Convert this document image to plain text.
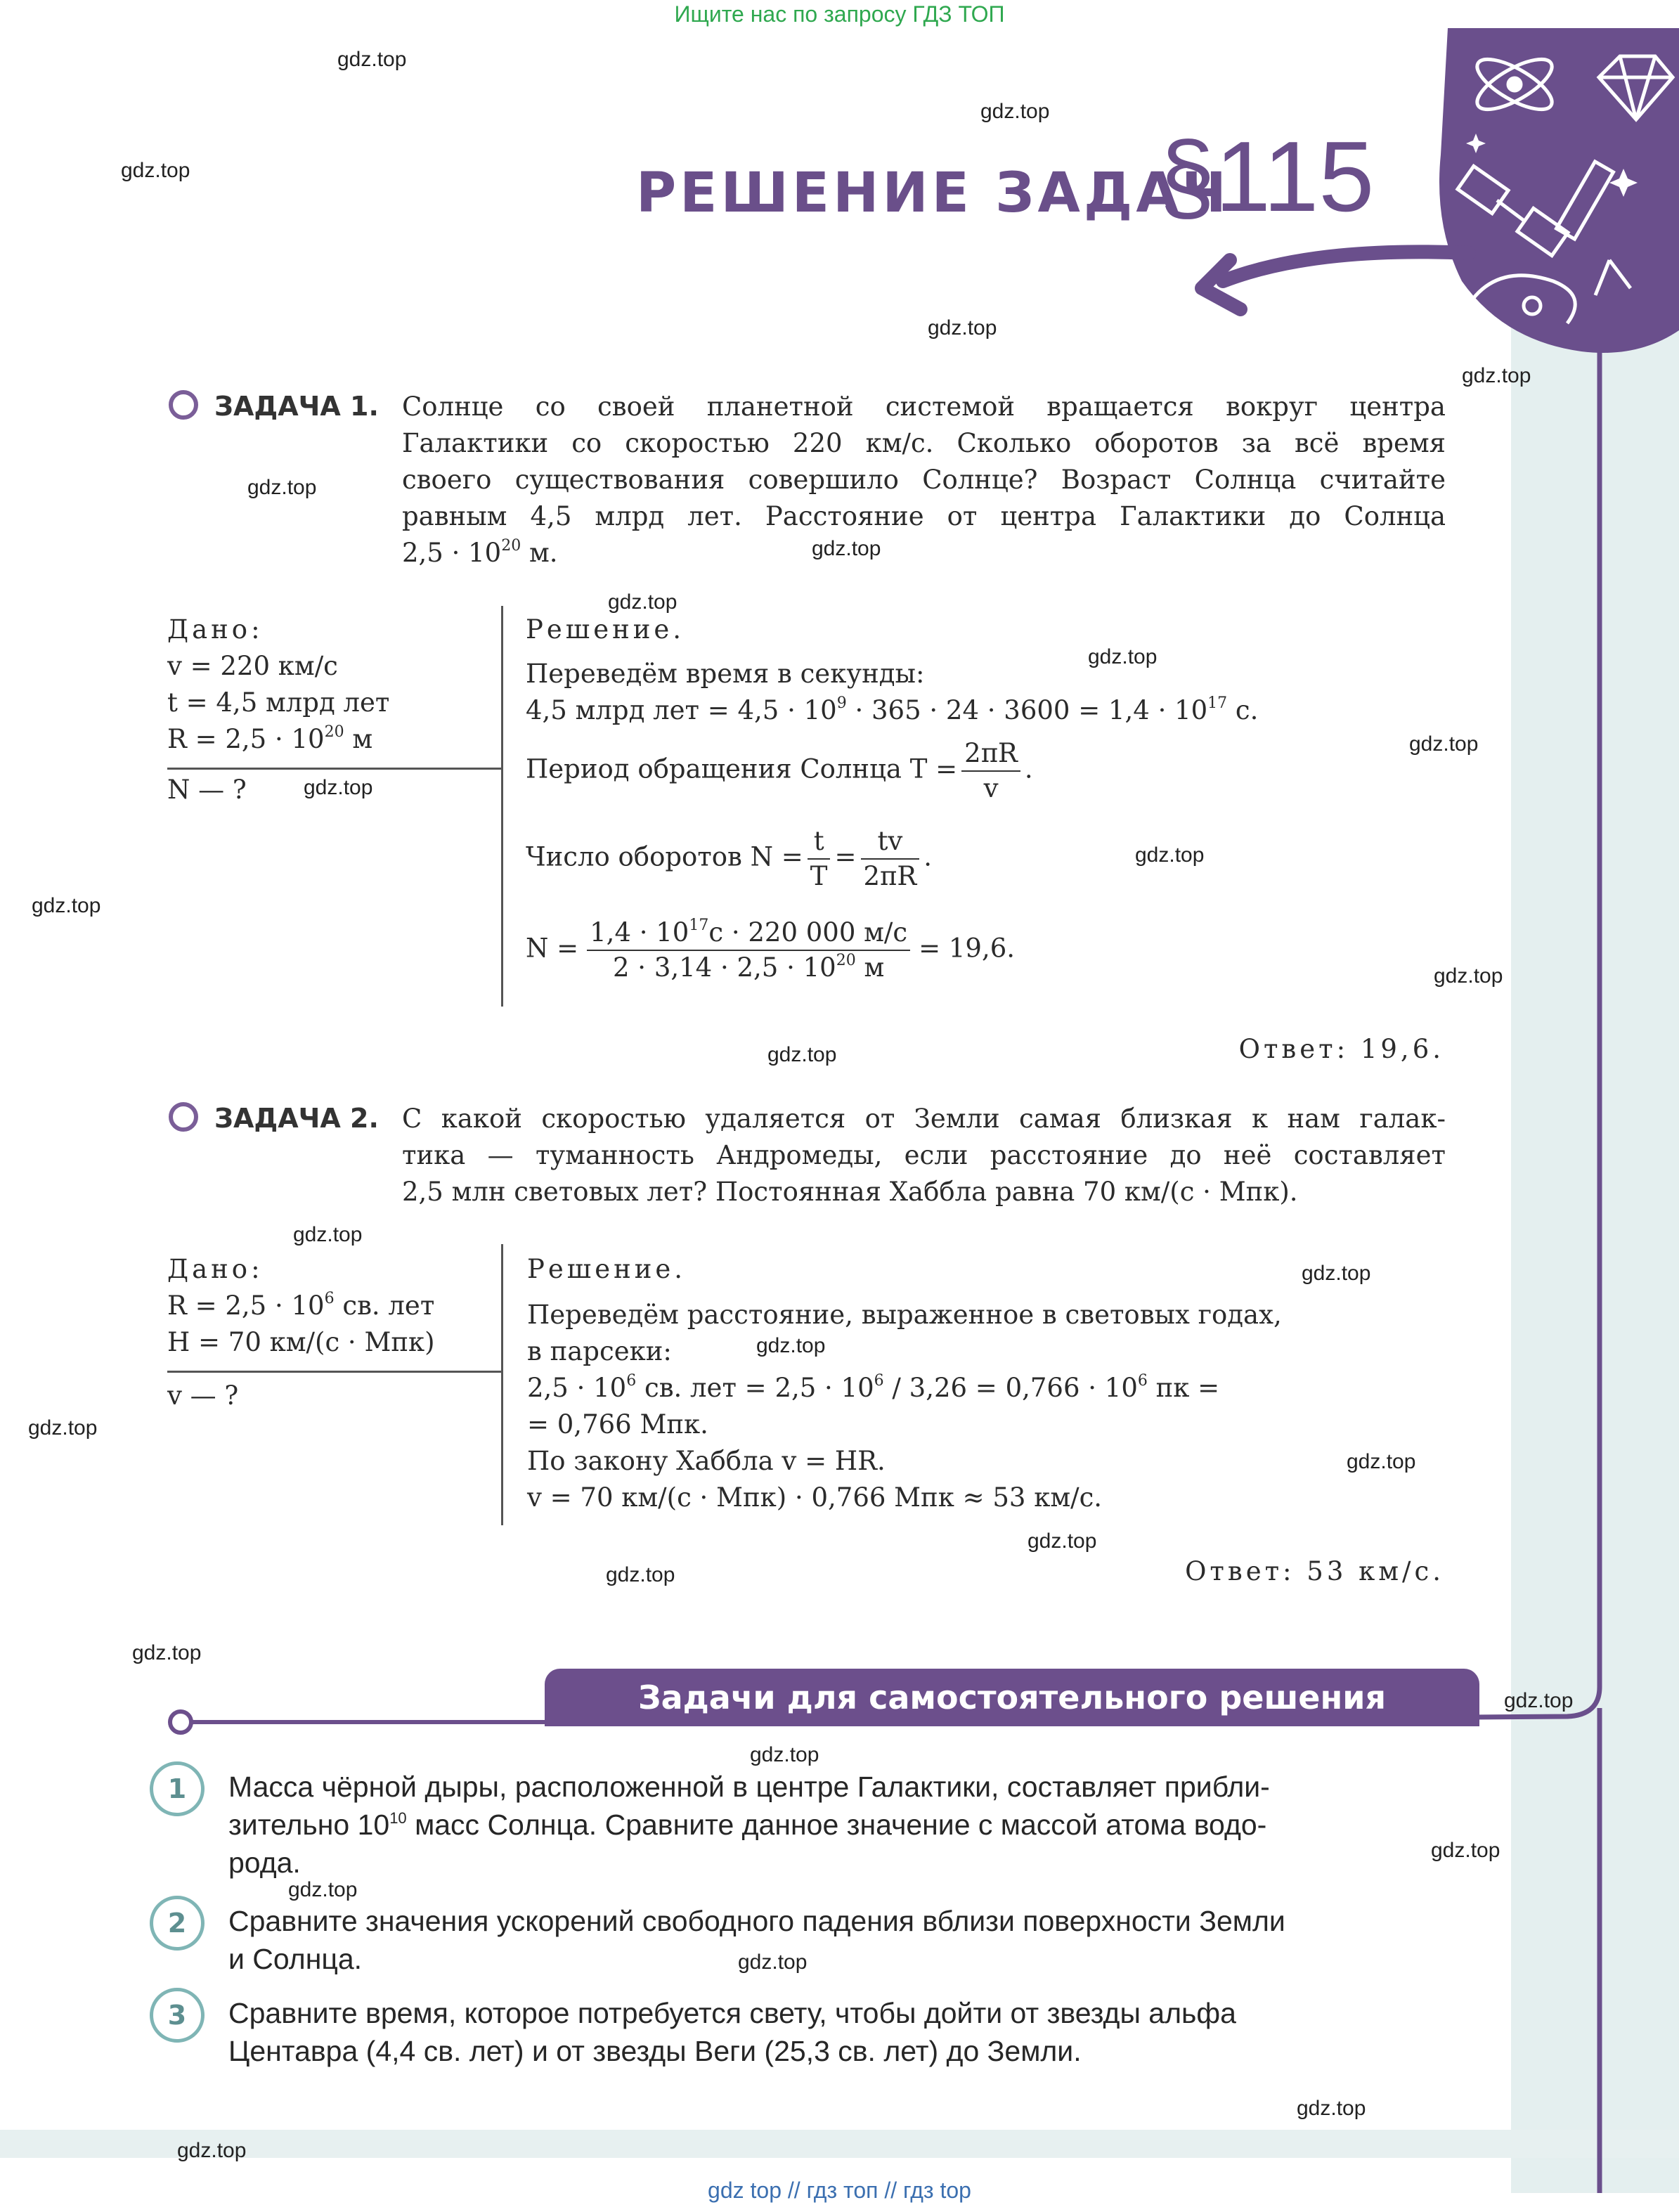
Ищите нас по запросу ГДЗ ТОП
gdz top // гдз топ // гдз top
РЕШЕНИЕ ЗАДАЧ
§115
ЗАДАЧА 1. Солнце со своей планетной системой вращается вокруг центра
Галактики со скоростью 220 км/с. Сколько оборотов за всё время
своего существования совершило Солнце? Возраст Солнца считайте
равным 4,5 млрд лет. Расстояние от центра Галактики до Солнца
$2,5 \cdot 10^{20}$ м.
Дано:
v = 220 км/с
t = 4,5 млрд лет
$R = 2,5 \cdot 10^{20}$ м
N — ?
Решение.
Переведём время в секунды:
4,5 млрд лет = $4,5 \cdot 10^9 \cdot 365 \cdot 24 \cdot 3600 = 1,4 \cdot 10^{17}$ с.
Период обращения Солнца $T = \frac{2\pi R}{v}$ .
Число оборотов $N = \frac{t}{T} = \frac{tv}{2\pi R}$ .
$N = \frac{1,4 \cdot 10^{17}с \cdot 220 000 м/с}{2 \cdot 3,14 \cdot 2,5 \cdot 10^{20} м} = 19,6$.
Ответ: 19,6.
ЗАДАЧА 2. С какой скоростью удаляется от Земли самая близкая к нам галак-
тика — туманность Андромеды, если расстояние до неё составляет
2,5 млн световых лет? Постоянная Хаббла равна 70 км/(с · Мпк).
Дано:
$R = 2,5 \cdot 10^6$ св. лет
H = 70 км/(с · Мпк)
v — ?
Решение.
Переведём расстояние, выраженное в световых годах,
в парсеки:
$2,5 \cdot 10^6$ св. лет = $2,5 \cdot 10^6 / 3,26 = 0,766 \cdot 10^6$ пк =
= 0,766 Мпк.
По закону Хаббла v = HR.
v = 70 км/(с · Мпк) · 0,766 Мпк ≈ 53 км/с.
Ответ: 53 км/с.
Задачи для самостоятельного решения
1	Масса чёрной дыры, расположенной в центре Галактики, составляет прибли-
зительно $10^{10}$ масс Солнца. Сравните данное значение с массой атома водо-
рода.
2	Сравните значения ускорений свободного падения вблизи поверхности Земли
и Солнца.
3	Сравните время, которое потребуется свету, чтобы дойти от звезды альфа
Центавра (4,4 св. лет) и от звезды Веги (25,3 св. лет) до Земли.
gdz.top
gdz.top
gdz.top
gdz.top
gdz.top
gdz.top
gdz.top
gdz.top
gdz.top
gdz.top
gdz.top
gdz.top
gdz.top
gdz.top
gdz.top
gdz.top
gdz.top
gdz.top
gdz.top
gdz.top
gdz.top
gdz.top
gdz.top
gdz.top
gdz.top
gdz.top
gdz.top
gdz.top
gdz.top
gdz.top
